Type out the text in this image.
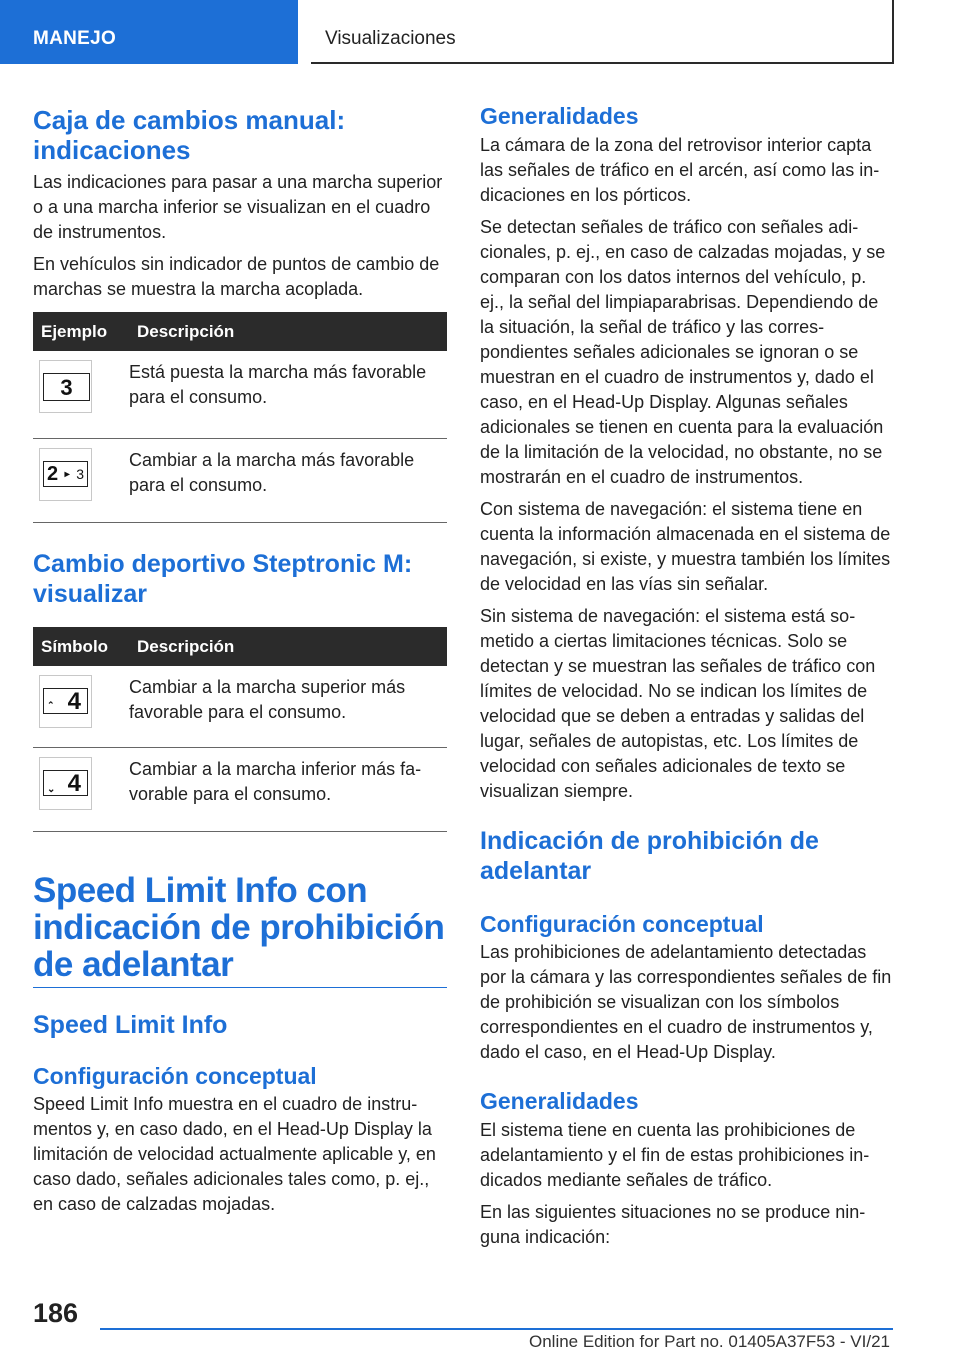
MANEJO	Visualizaciones
Caja de cambios manual: indicaciones

Las indicaciones para pasar a una marcha superior o a una marcha inferior se visualizan en el cuadro de instrumentos.

En vehículos sin indicador de puntos de cambio de marchas se muestra la marcha acoplada.

Ejemplo	Descripción

3	Está puesta la marcha más favorable para el consumo.

2 ▸ 3	Cambiar a la marcha más favorable para el consumo.
Cambio deportivo Steptronic M: visualizar
Símbolo	Descripción

⌃ 4	Cambiar a la marcha superior más favorable para el consumo.

⌄ 4	Cambiar a la marcha inferior más favorable para el consumo.
Speed Limit Info con indicación de prohibición de adelantar
Speed Limit Info
Configuración conceptual

Speed Limit Info muestra en el cuadro de instrumentos y, en caso dado, en el Head-Up Display la limitación de velocidad actualmente aplicable y, en caso dado, señales adicionales tales como, p. ej., en caso de calzadas mojadas.

Generalidades

La cámara de la zona del retrovisor interior capta las señales de tráfico en el arcén, así como las indicaciones en los pórticos.

Se detectan señales de tráfico con señales adicionales, p. ej., en caso de calzadas mojadas, y se comparan con los datos internos del vehículo, p. ej., la señal del limpiaparabrisas. Dependiendo de la situación, la señal de tráfico y las correspondientes señales adicionales se ignoran o se muestran en el cuadro de instrumentos y, dado el caso, en el Head-Up Display. Algunas señales adicionales se tienen en cuenta para la evaluación de la limitación de la velocidad, no obstante, no se mostrarán en el cuadro de instrumentos.

Con sistema de navegación: el sistema tiene en cuenta la información almacenada en el sistema de navegación, si existe, y muestra también los límites de velocidad en las vías sin señalar.

Sin sistema de navegación: el sistema está sometido a ciertas limitaciones técnicas. Solo se detectan y se muestran las señales de tráfico con límites de velocidad. No se indican los límites de velocidad que se deben a entradas y salidas del lugar, señales de autopistas, etc. Los límites de velocidad con señales adicionales de texto se visualizan siempre.

Indicación de prohibición de adelantar
Configuración conceptual

Las prohibiciones de adelantamiento detectadas por la cámara y las correspondientes señales de fin de prohibición se visualizan con los símbolos correspondientes en el cuadro de instrumentos y, dado el caso, en el Head-Up Display.

Generalidades

El sistema tiene en cuenta las prohibiciones de adelantamiento y el fin de estas prohibiciones indicados mediante señales de tráfico.

En las siguientes situaciones no se produce ninguna indicación:

186
Online Edition for Part no. 01405A37F53 - VI/21
